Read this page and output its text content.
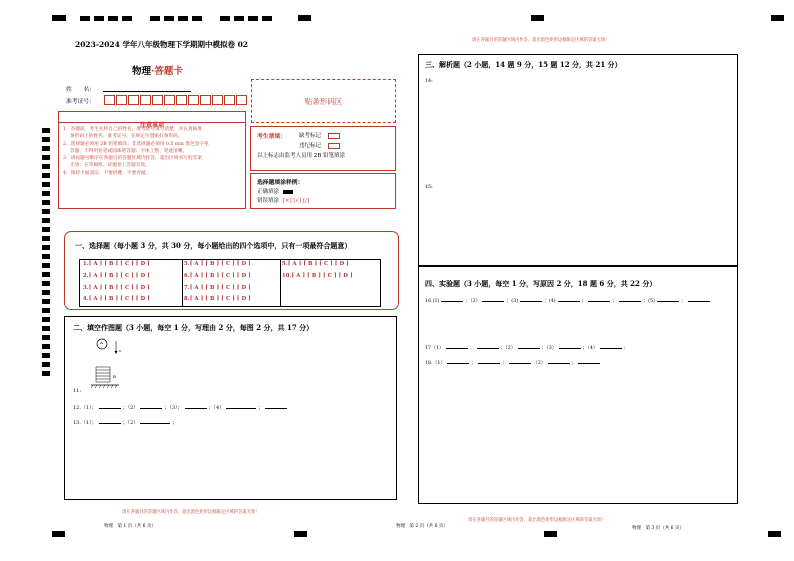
2023-2024 学年八年级物理下学期期中模拟卷 02
物理·答题卡
姓　　名：
准考证号：	贴条形码区
注意事项
1．答题前，考生先将自己的姓名，准考证号填写清楚，并认真核准
条形码上的姓名、准考证号，在规定位置贴好条形码。
2．选择题必须用 2B 铅笔填涂；非选择题必须用 0.5 mm 黑色签字笔
答题，不得用铅笔或圆珠笔答题；字体工整、笔迹清晰。
3．请按题号顺序在各题目的答题区域内作答，超出区域书写的答案
无效；在草稿纸、试题卷上答题无效。
4．保持卡面清洁，不要折叠、不要弄破。
考生禁填： 缺考标记
违纪标记
以上标志由监考人员用 2B 铅笔填涂
选择题填涂样例：
正确填涂
错误填涂 [×] [√] [/]
一、选择题（每小题 3 分，共 30 分，每小题给出的四个选项中，只有一项最符合题意）
1.[ A ] [ B ] [ C ] [ D ]
2.[ A ] [ B ] [ C ] [ D ]
3.[ A ] [ B ] [ C ] [ D ]
4.[ A ] [ B ] [ C ] [ D ]
5.[ A ] [ B ] [ C ] [ D ]
6.[ A ] [ B ] [ C ] [ D ]
7.[ A ] [ B ] [ C ] [ D ]
8.[ A ] [ B ] [ C ] [ D ]
9.[ A ] [ B ] [ C ] [ D ]
10.[ A ] [ B ] [ C ] [ D ]
二、填空作图题（3 小题，每空 1 分，写理由 2 分，每图 2 分，共 17 分）
A
v
B
11:
12.（1）；	；（2）	；（3）；	；（4）	；
13.（1）；	；（2）	；
请在各题目的答题区域内作答，超出黑色矩形边框限定区域的答案无效！
物理　第 1 页（共 6 页）	物理　第 2 页（共 6 页）
请在各题目的答题区域内作答，超出黑色矩形边框限定区域的答案无效！
三、解析题（2 小题，14 题 9 分，15 题 12 分，共 21 分）
14:
15:
四、实验题（3 小题，每空 1 分，写原因 2 分，18 题 6 分，共 22 分）
16.(1)	；（2）	；(3)	；(4)	；	；	；(5)	；
17（1）	；	；（2）	；（3）	；（4）	；
18.（1）	；	；	（2）	；
请在各题目的答题区域内作答，超出黑色矩形边框限定区域的答案无效！
物理　第 3 页（共 6 页）
